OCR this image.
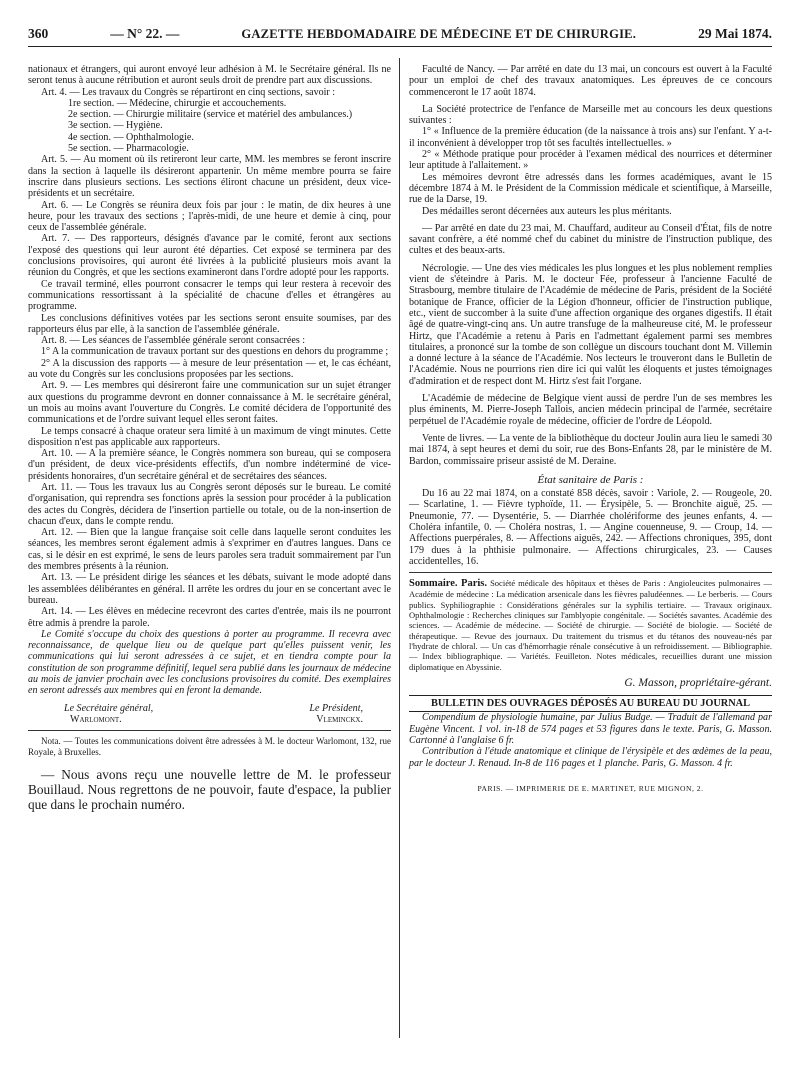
360	— N° 22. —	GAZETTE HEBDOMADAIRE DE MÉDECINE ET DE CHIRURGIE.	29 Mai 1874.

nationaux et étrangers, qui auront envoyé leur adhésion à M. le Secrétaire général. Ils ne seront tenus à aucune rétribution et auront seuls droit de prendre part aux discussions.

Art. 4. — Les travaux du Congrès se répartiront en cinq sections, savoir :

1re section. — Médecine, chirurgie et accouchements.

2e section. — Chirurgie militaire (service et matériel des ambulances.)

3e section. — Hygiène.

4e section. — Ophthalmologie.

5e section. — Pharmacologie.

Art. 5. — Au moment où ils retireront leur carte, MM. les membres se feront inscrire dans la section à laquelle ils désireront appartenir. Un même membre pourra se faire inscrire dans plusieurs sections. Les sections éliront chacune un président, deux vice-présidents et un secrétaire.

Art. 6. — Le Congrès se réunira deux fois par jour : le matin, de dix heures à une heure, pour les travaux des sections ; l'après-midi, de une heure et demie à cinq, pour ceux de l'assemblée générale.

Art. 7. — Des rapporteurs, désignés d'avance par le comité, feront aux sections l'exposé des questions qui leur auront été départies. Cet exposé se terminera par des conclusions provisoires, qui auront été livrées à la publicité plusieurs mois avant la réunion du Congrès, et que les sections examineront dans l'ordre adopté pour les rapports.

Ce travail terminé, elles pourront consacrer le temps qui leur restera à recevoir des communications ressortissant à la spécialité de chacune d'elles et étrangères au programme.

Les conclusions définitives votées par les sections seront ensuite soumises, par des rapporteurs élus par elle, à la sanction de l'assemblée générale.

Art. 8. — Les séances de l'assemblée générale seront consacrées :

1° A la communication de travaux portant sur des questions en dehors du programme ;

2° A la discussion des rapports — à mesure de leur présentation — et, le cas échéant, au vote du Congrès sur les conclusions proposées par les sections.

Art. 9. — Les membres qui désireront faire une communication sur un sujet étranger aux questions du programme devront en donner connaissance à M. le secrétaire général, un mois au moins avant l'ouverture du Congrès. Le comité décidera de l'opportunité des communications et de l'ordre suivant lequel elles seront faites.

Le temps consacré à chaque orateur sera limité à un maximum de vingt minutes. Cette disposition n'est pas applicable aux rapporteurs.

Art. 10. — A la première séance, le Congrès nommera son bureau, qui se composera d'un président, de deux vice-présidents effectifs, d'un nombre indéterminé de vice-présidents honoraires, d'un secrétaire général et de secrétaires des séances.

Art. 11. — Tous les travaux lus au Congrès seront déposés sur le bureau. Le comité d'organisation, qui reprendra ses fonctions après la session pour procéder à la publication des actes du Congrès, décidera de l'insertion partielle ou totale, ou de la non-insertion de chacun d'eux, dans le compte rendu.

Art. 12. — Bien que la langue française soit celle dans laquelle seront conduites les séances, les membres seront également admis à s'exprimer en d'autres langues. Dans ce cas, si le désir en est exprimé, le sens de leurs paroles sera traduit sommairement par l'un des membres présents à la réunion.

Art. 13. — Le président dirige les séances et les débats, suivant le mode adopté dans les assemblées délibérantes en général. Il arrête les ordres du jour en se concertant avec le bureau.

Art. 14. — Les élèves en médecine recevront des cartes d'entrée, mais ils ne pourront être admis à prendre la parole.

Le Comité s'occupe du choix des questions à porter au programme. Il recevra avec reconnaissance, de quelque lieu ou de quelque part qu'elles puissent venir, les communications qui lui seront adressées à ce sujet, et en tiendra compte pour la constitution de son programme définitif, lequel sera publié dans les journaux de médecine au mois de janvier prochain avec les conclusions provisoires du comité. Des exemplaires en seront adressés aux membres qui en feront la demande.

Le Secrétaire général,	Le Président,
Warlomont.	Vleminckx.

Nota. — Toutes les communications doivent être adressées à M. le docteur Warlomont, 132, rue Royale, à Bruxelles.

— Nous avons reçu une nouvelle lettre de M. le professeur Bouillaud. Nous regrettons de ne pouvoir, faute d'espace, la publier que dans le prochain numéro.

Faculté de Nancy. — Par arrêté en date du 13 mai, un concours est ouvert à la Faculté pour un emploi de chef des travaux anatomiques. Les épreuves de ce concours commenceront le 17 août 1874.

La Société protectrice de l'enfance de Marseille met au concours les deux questions suivantes :

1° « Influence de la première éducation (de la naissance à trois ans) sur l'enfant. Y a-t-il inconvénient à développer trop tôt ses facultés intellectuelles. »

2° « Méthode pratique pour procéder à l'examen médical des nourrices et déterminer leur aptitude à l'allaitement. »

Les mémoires devront être adressés dans les formes académiques, avant le 15 décembre 1874 à M. le Président de la Commission médicale et scientifique, à Marseille, rue de la Darse, 19.

Des médailles seront décernées aux auteurs les plus méritants.

— Par arrêté en date du 23 mai, M. Chauffard, auditeur au Conseil d'État, fils de notre savant confrère, a été nommé chef du cabinet du ministre de l'instruction publique, des cultes et des beaux-arts.

Nécrologie. — Une des vies médicales les plus longues et les plus noblement remplies vient de s'éteindre à Paris. M. le docteur Fée, professeur à l'ancienne Faculté de Strasbourg, membre titulaire de l'Académie de médecine de Paris, président de la Société botanique de France, officier de la Légion d'honneur, officier de l'instruction publique, etc., vient de succomber à la suite d'une affection organique des organes digestifs. Il était âgé de quatre-vingt-cinq ans. Un autre transfuge de la malheureuse cité, M. le professeur Hirtz, que l'Académie a retenu à Paris en l'admettant également parmi ses membres titulaires, a prononcé sur la tombe de son collègue un discours touchant dont M. Villemin a donné lecture à la séance de l'Académie. Nos lecteurs le trouveront dans le Bulletin de l'Académie. Nous ne pourrions rien dire ici qui valût les éloquents et justes témoignages d'admiration et de respect dont M. Hirtz s'est fait l'organe.

L'Académie de médecine de Belgique vient aussi de perdre l'un de ses membres les plus éminents, M. Pierre-Joseph Tallois, ancien médecin principal de l'armée, secrétaire perpétuel de l'Académie royale de médecine, officier de l'ordre de Léopold.

Vente de livres. — La vente de la bibliothèque du docteur Joulin aura lieu le samedi 30 mai 1874, à sept heures et demi du soir, rue des Bons-Enfants 28, par le ministère de M. Bardon, commissaire priseur assisté de M. Deraine.

État sanitaire de Paris :

Du 16 au 22 mai 1874, on a constaté 858 décès, savoir : Variole, 2. — Rougeole, 20. — Scarlatine, 1. — Fièvre typhoïde, 11. — Érysipèle, 5. — Bronchite aiguë, 25. — Pneumonie, 77. — Dysentérie, 5. — Diarrhée cholériforme des jeunes enfants, 4. — Choléra infantile, 0. — Choléra nostras, 1. — Angine couenneuse, 9. — Croup, 14. — Affections puerpérales, 8. — Affections aiguës, 242. — Affections chroniques, 395, dont 179 dues à la phthisie pulmonaire. — Affections chirurgicales, 23. — Causes accidentelles, 16.

Sommaire. Paris. Société médicale des hôpitaux et thèses de Paris : Angioleucites pulmonaires — Académie de médecine : La médication arsenicale dans les fièvres paludéennes. — Le berberis. — Cours publics. Syphiliographie : Considérations générales sur la syphilis tertiaire. — Travaux originaux. Ophthalmologie : Recherches cliniques sur l'amblyopie congénitale. — Sociétés savantes. Académie des sciences. — Académie de médecine. — Société de chirurgie. — Société de biologie. — Société de thérapeutique. — Revue des journaux. Du traitement du trismus et du tétanos des nouveau-nés par l'hydrate de chloral. — Un cas d'hémorrhagie rénale consécutive à un refroidissement. — Bibliographie. — Index bibliographique. — Variétés. Feuilleton. Notes médicales, recueillies durant une mission diplomatique en Abyssinie.

G. Masson, propriétaire-gérant.
BULLETIN DES OUVRAGES DÉPOSÉS AU BUREAU DU JOURNAL

Compendium de physiologie humaine, par Julius Budge. — Traduit de l'allemand par Eugène Vincent. 1 vol. in-18 de 574 pages et 53 figures dans le texte. Paris, G. Masson. Cartonné à l'anglaise 6 fr.

Contribution à l'étude anatomique et clinique de l'érysipèle et des œdèmes de la peau, par le docteur J. Renaud. In-8 de 116 pages et 1 planche. Paris, G. Masson. 4 fr.

PARIS. — IMPRIMERIE DE E. MARTINET, RUE MIGNON, 2.
